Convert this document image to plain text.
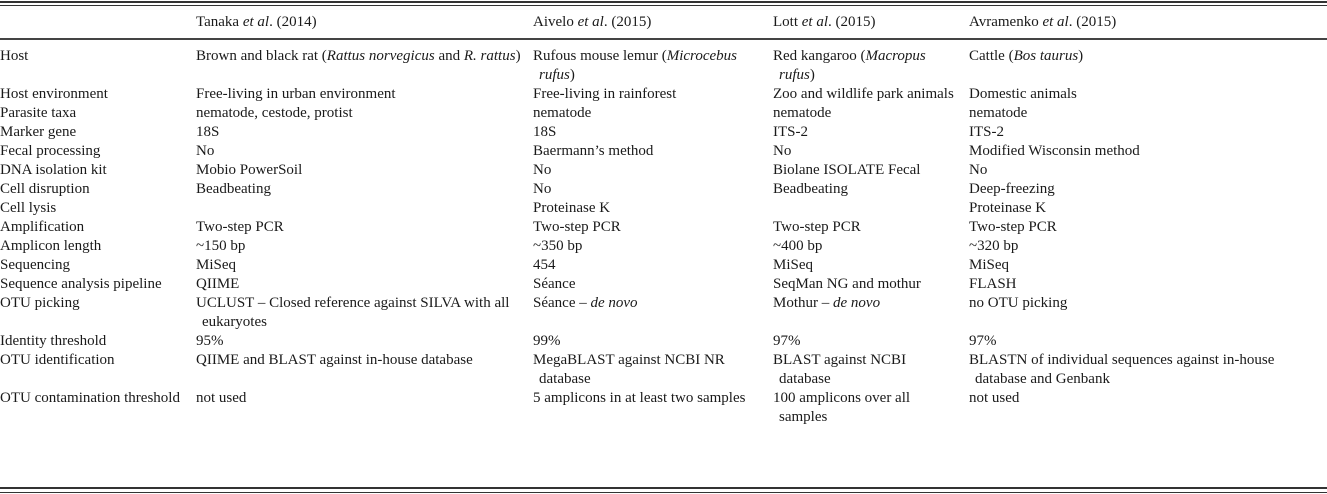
	Tanaka et al. (2014)	Aivelo et al. (2015)	Lott et al. (2015)	Avramenko et al. (2015)

Host	Brown and black rat (Rattus norvegicus and R. rattus)	Rufous mouse lemur (Microcebus rufus)	Red kangaroo (Macropus rufus)	Cattle (Bos taurus)

Host environment	Free-living in urban environment	Free-living in rainforest	Zoo and wildlife park animals	Domestic animals

Parasite taxa	nematode, cestode, protist	nematode	nematode	nematode

Marker gene	18S	18S	ITS-2	ITS-2

Fecal processing	No	Baermann’s method	No	Modified Wisconsin method

DNA isolation kit	Mobio PowerSoil	No	Biolane ISOLATE Fecal	No

Cell disruption	Beadbeating	No	Beadbeating	Deep-freezing

Cell lysis		Proteinase K		Proteinase K

Amplification	Two-step PCR	Two-step PCR	Two-step PCR	Two-step PCR

Amplicon length	~150 bp	~350 bp	~400 bp	~320 bp

Sequencing	MiSeq	454	MiSeq	MiSeq

Sequence analysis pipeline	QIIME	Séance	SeqMan NG and mothur	FLASH

OTU picking	UCLUST – Closed reference against SILVA with all eukaryotes	Séance – de novo	Mothur – de novo	no OTU picking

Identity threshold	95%	99%	97%	97%

OTU identification	QIIME and BLAST against in-house database	MegaBLAST against NCBI NR database	BLAST against NCBI database	BLASTN of individual sequences against in-house database and Genbank

OTU contamination threshold	not used	5 amplicons in at least two samples	100 amplicons over all samples	not used
